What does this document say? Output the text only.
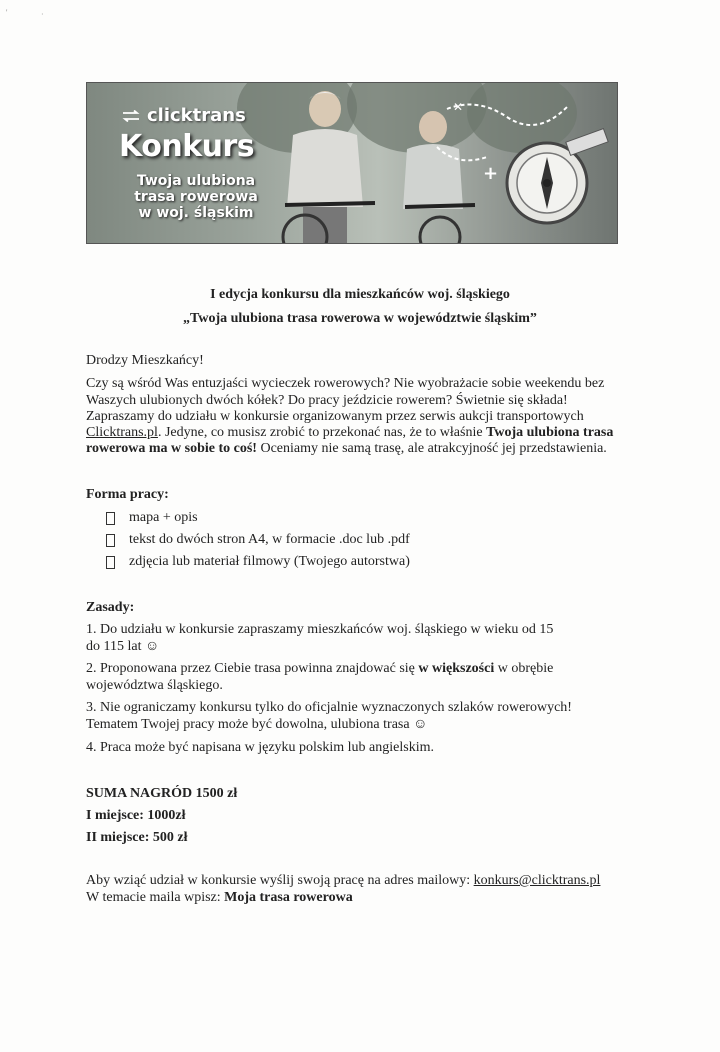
'	·
+
✕
clicktrans
Konkurs
Twoja ulubiona
trasa rowerowa
w woj. śląskim
I edycja konkursu dla mieszkańców woj. śląskiego
„Twoja ulubiona trasa rowerowa w województwie śląskim”
Drodzy Mieszkańcy!
Czy są wśród Was entuzjaści wycieczek rowerowych? Nie wyobrażacie sobie weekendu bez
Waszych ulubionych dwóch kółek? Do pracy jeździcie rowerem? Świetnie się składa!
Zapraszamy do udziału w konkursie organizowanym przez serwis aukcji transportowych
Clicktrans.pl. Jedyne, co musisz zrobić to przekonać nas, że to właśnie Twoja ulubiona trasa
rowerowa ma w sobie to coś! Oceniamy nie samą trasę, ale atrakcyjność jej przedstawienia.
Forma pracy:
mapa + opis
tekst do dwóch stron A4, w formacie .doc lub .pdf
zdjęcia lub materiał filmowy (Twojego autorstwa)
Zasady:
1. Do udziału w konkursie zapraszamy mieszkańców woj. śląskiego w wieku od 15
do 115 lat ☺
2. Proponowana przez Ciebie trasa powinna znajdować się w większości w obrębie
województwa śląskiego.
3. Nie ograniczamy konkursu tylko do oficjalnie wyznaczonych szlaków rowerowych!
Tematem Twojej pracy może być dowolna, ulubiona trasa ☺
4. Praca może być napisana w języku polskim lub angielskim.
SUMA NAGRÓD 1500 zł
I miejsce: 1000zł
II miejsce: 500 zł
Aby wziąć udział w konkursie wyślij swoją pracę na adres mailowy: konkurs@clicktrans.pl
W temacie maila wpisz: Moja trasa rowerowa
